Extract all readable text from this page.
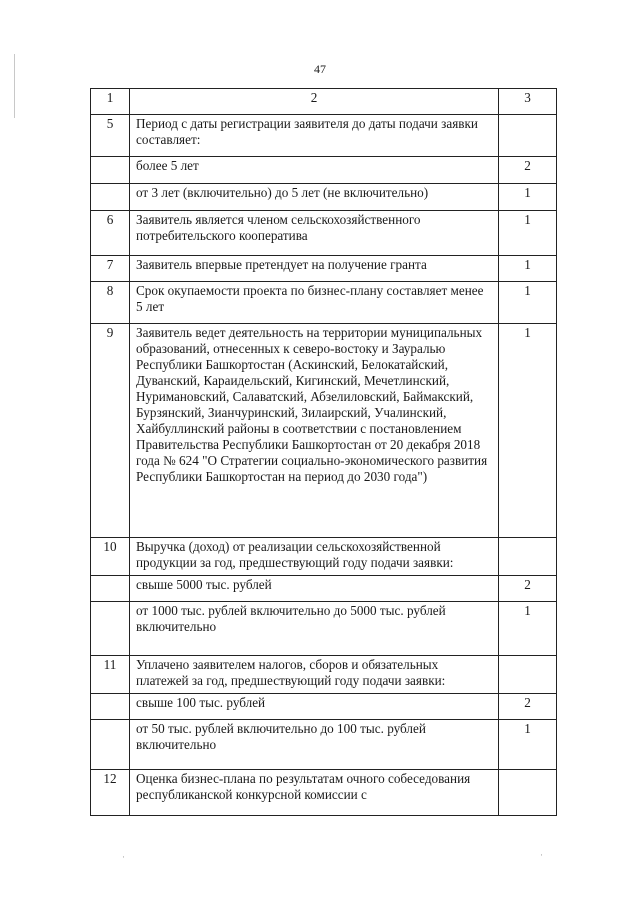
47
1	2	3
5	Период с даты регистрации заявителя до даты подачи заявки составляет:	
	более 5 лет	2
	от 3 лет (включительно) до 5 лет (не включительно)	1
6	Заявитель является членом сельскохозяйственного потребительского кооператива	1
7	Заявитель впервые претендует на получение гранта	1
8	Срок окупаемости проекта по бизнес-плану составляет менее 5 лет	1
9	Заявитель ведет деятельность на территории муниципальных образований, отнесенных к северо-востоку и Зауралью Республики Башкортостан (Аскинский, Белокатайский, Дуванский, Караидельский, Кигинский, Мечетлинский, Нуримановский, Салаватский, Абзелиловский, Баймакский, Бурзянский, Зианчуринский, Зилаирский, Учалинский, Хайбуллинский районы в соответствии с постановлением Правительства Республики Башкортостан от 20 декабря 2018 года № 624 "О Стратегии социально-экономического развития Республики Башкортостан на период до 2030 года")	1
10	Выручка (доход) от реализации сельскохозяйственной продукции за год, предшествующий году подачи заявки:	
	свыше 5000 тыс. рублей	2
	от 1000 тыс. рублей включительно до 5000 тыс. рублей включительно	1
11	Уплачено заявителем налогов, сборов и обязательных платежей за год, предшествующий году подачи заявки:	
	свыше 100 тыс. рублей	2
	от 50 тыс. рублей включительно до 100 тыс. рублей включительно	1
12	Оценка бизнес-плана по результатам очного собеседования республиканской конкурсной комиссии с	
·	·
